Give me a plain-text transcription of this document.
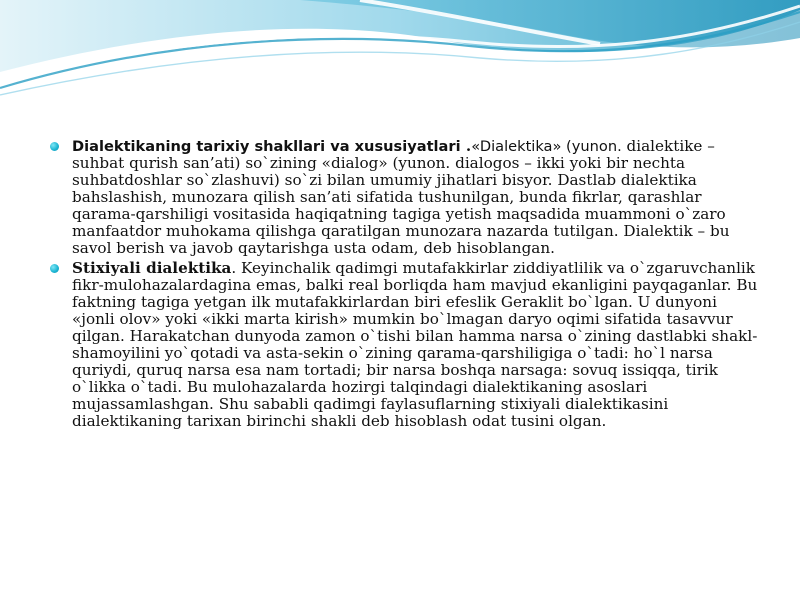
Dialektikaning tarixiy shakllari va xususiyatlari .«Dialektika» (yunon. dialektike – suhbat qurish san’ati) so`zining «dialog» (yunon. dialogos – ikki yoki bir nechta suhbatdoshlar so`zlashuvi) so`zi bilan umumiy jihatlari bisyor. Dastlab dialektika bahslashish, munozara qilish san’ati sifatida tushunilgan, bunda fikrlar, qarashlar qarama-qarshiligi vositasida haqiqatning tagiga yetish maqsadida muammoni o`zaro manfaatdor muhokama qilishga qaratilgan munozara nazarda tutilgan. Dialektik – bu savol berish va javob qaytarishga usta odam, deb hisoblangan.
Stixiyali dialektika. Keyinchalik qadimgi mutafakkirlar ziddiyatlilik va o`zgaruvchanlik fikr-mulohazalardagina emas, balki real borliqda ham mavjud ekanligini payqaganlar. Bu faktning tagiga yetgan ilk mutafakkirlardan biri efeslik Geraklit bo`lgan. U dunyoni «jonli olov» yoki «ikki marta kirish» mumkin bo`lmagan daryo oqimi sifatida tasavvur qilgan. Harakatchan dunyoda zamon o`tishi bilan hamma narsa o`zining dastlabki shakl-shamoyilini yo`qotadi va asta-sekin o`zining qarama-qarshiligiga o`tadi: ho`l narsa quriydi, quruq narsa esa nam tortadi; bir narsa boshqa narsaga: sovuq issiqqa, tirik o`likka o`tadi. Bu mulohazalarda hozirgi talqindagi dialektikaning asoslari mujassamlashgan. Shu sababli qadimgi faylasuflarning stixiyali dialektikasini dialektikaning tarixan birinchi shakli deb hisoblash odat tusini olgan.
